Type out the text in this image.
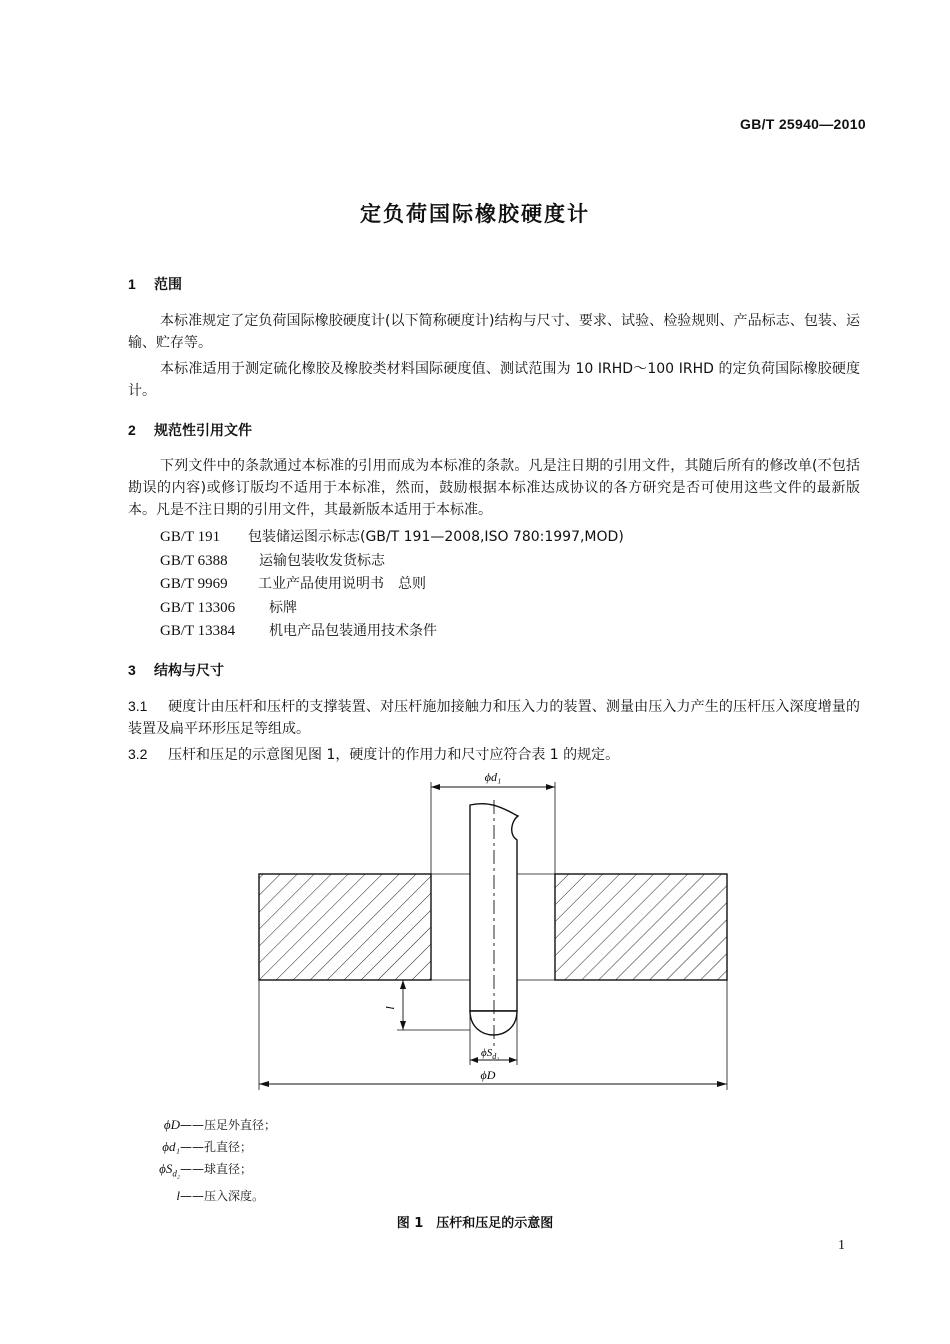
GB/T 25940—2010
定负荷国际橡胶硬度计
1 范围
本标准规定了定负荷国际橡胶硬度计(以下简称硬度计)结构与尺寸、要求、试验、检验规则、产品标志、包装、运输、贮存等。
本标准适用于测定硫化橡胶及橡胶类材料国际硬度值、测试范围为 10 IRHD～100 IRHD 的定负荷国际橡胶硬度计。
2 规范性引用文件
下列文件中的条款通过本标准的引用而成为本标准的条款。凡是注日期的引用文件，其随后所有的修改单(不包括勘误的内容)或修订版均不适用于本标准，然而，鼓励根据本标准达成协议的各方研究是否可使用这些文件的最新版本。凡是不注日期的引用文件，其最新版本适用于本标准。
GB/T 191 包装储运图示标志(GB/T 191—2008,ISO 780:1997,MOD)
GB/T 6388 运输包装收发货标志
GB/T 9969 工业产品使用说明书　总则
GB/T 13306 标牌
GB/T 13384 机电产品包装通用技术条件
3 结构与尺寸
3.1 硬度计由压杆和压杆的支撑装置、对压杆施加接触力和压入力的装置、测量由压入力产生的压杆压入深度增量的装置及扁平环形压足等组成。
3.2 压杆和压足的示意图见图 1，硬度计的作用力和尺寸应符合表 1 的规定。
ϕd₁
l
$\phi S_{d_2}$
ϕD
ϕD——压足外直径；
ϕd₁——孔直径；
$\phi S_{d_2}——$球直径；
l——压入深度。
图 1　压杆和压足的示意图
1
